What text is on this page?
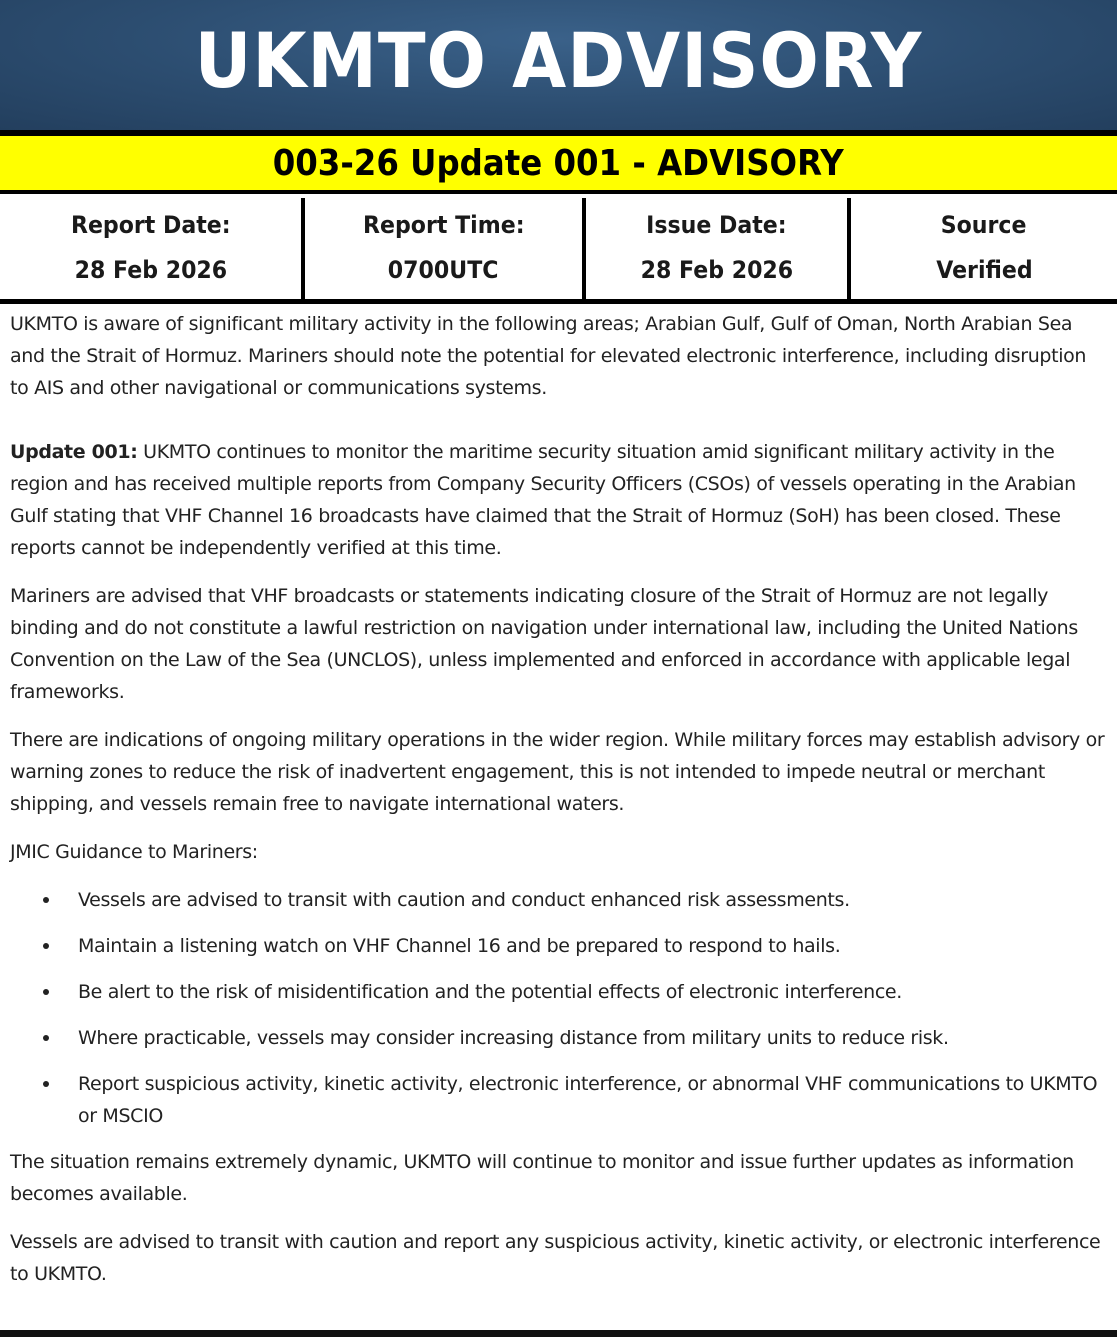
UKMTO ADVISORY
003-26 Update 001 - ADVISORY
Report Date:
28 Feb 2026
Report Time:
0700UTC
Issue Date:
28 Feb 2026
Source
Verified

UKMTO is aware of significant military activity in the following areas; Arabian Gulf, Gulf of Oman, North Arabian Sea and the Strait of Hormuz. Mariners should note the potential for elevated electronic interference, including disruption to AIS and other navigational or communications systems.

Update 001: UKMTO continues to monitor the maritime security situation amid significant military activity in the region and has received multiple reports from Company Security Officers (CSOs) of vessels operating in the Arabian Gulf stating that VHF Channel 16 broadcasts have claimed that the Strait of Hormuz (SoH) has been closed. These reports cannot be independently verified at this time.

Mariners are advised that VHF broadcasts or statements indicating closure of the Strait of Hormuz are not legally binding and do not constitute a lawful restriction on navigation under international law, including the United Nations Convention on the Law of the Sea (UNCLOS), unless implemented and enforced in accordance with applicable legal frameworks.

There are indications of ongoing military operations in the wider region. While military forces may establish advisory or warning zones to reduce the risk of inadvertent engagement, this is not intended to impede neutral or merchant shipping, and vessels remain free to navigate international waters.

JMIC Guidance to Mariners:

Vessels are advised to transit with caution and conduct enhanced risk assessments.
Maintain a listening watch on VHF Channel 16 and be prepared to respond to hails.
Be alert to the risk of misidentification and the potential effects of electronic interference.
Where practicable, vessels may consider increasing distance from military units to reduce risk.
Report suspicious activity, kinetic activity, electronic interference, or abnormal VHF communications to UKMTO or MSCIO

The situation remains extremely dynamic, UKMTO will continue to monitor and issue further updates as information becomes available.

Vessels are advised to transit with caution and report any suspicious activity, kinetic activity, or electronic interference to UKMTO.
